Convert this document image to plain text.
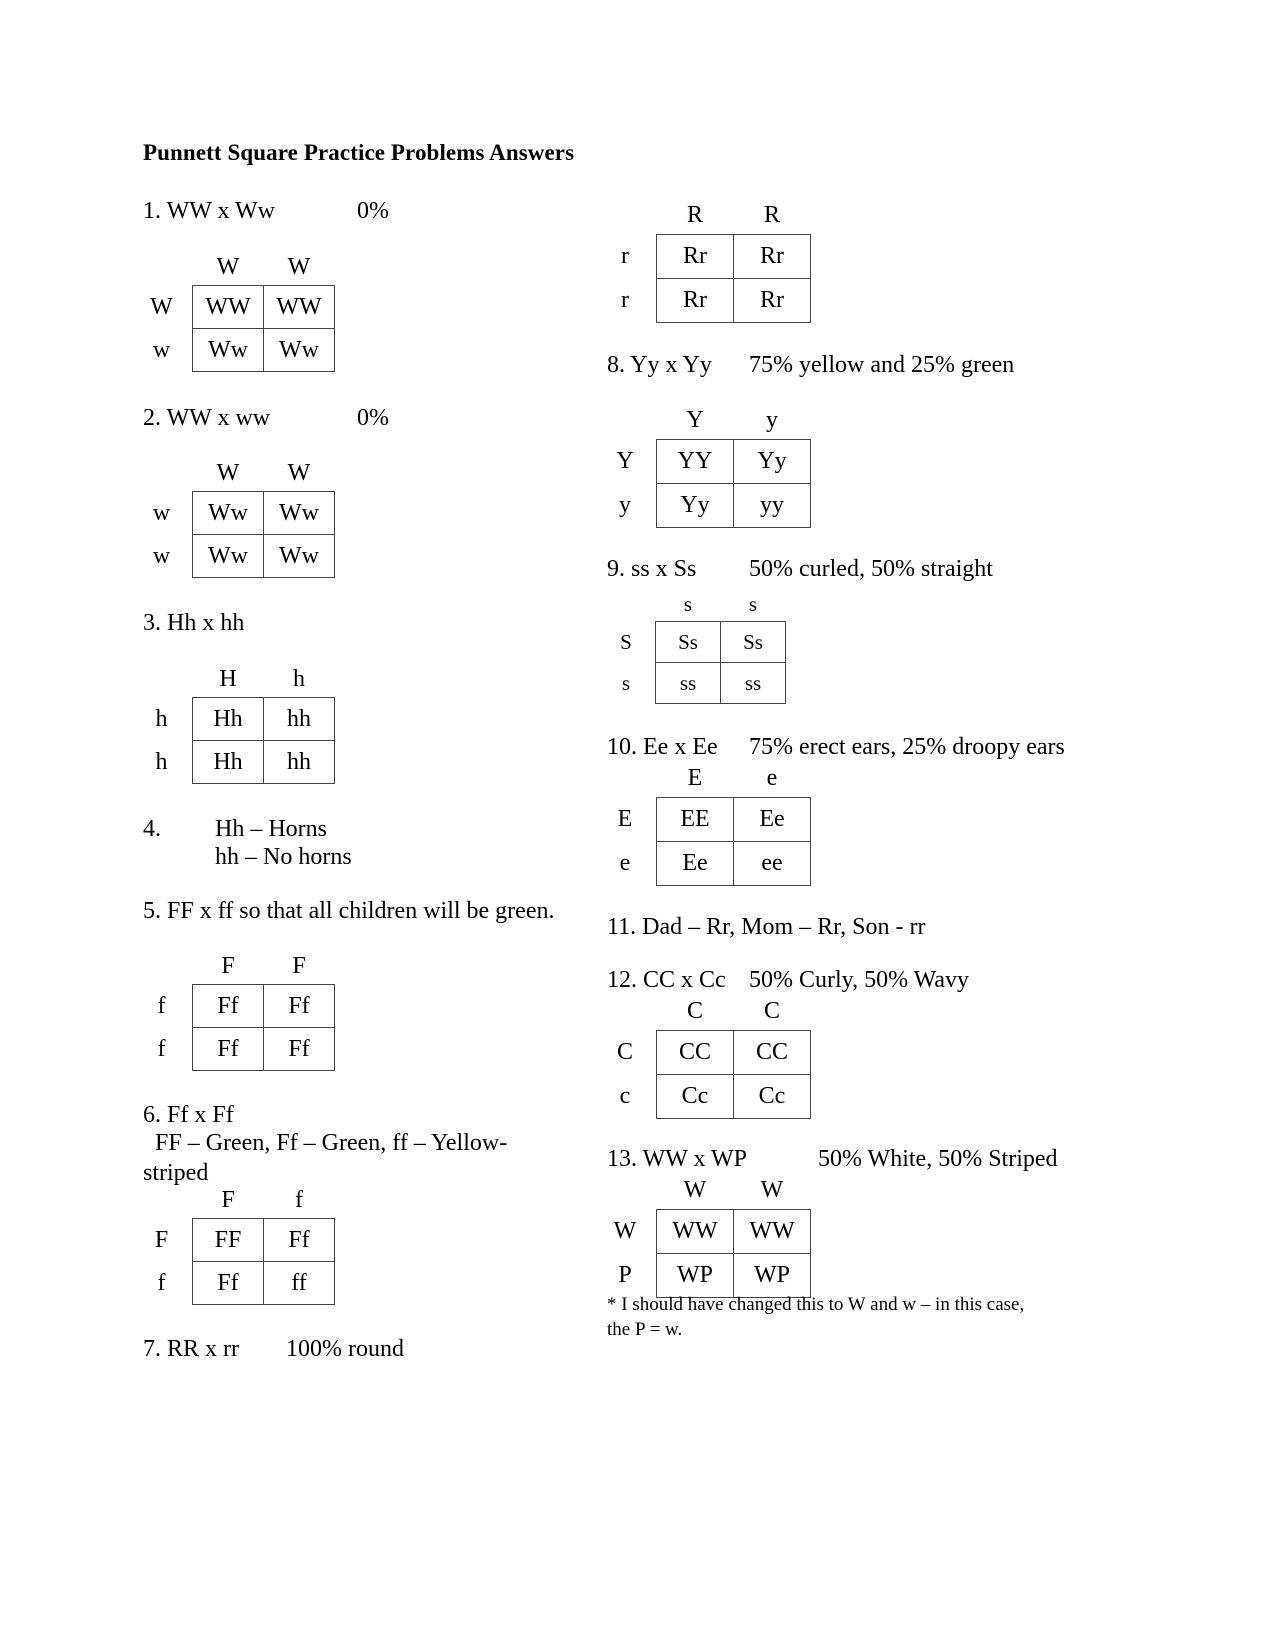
Punnett Square Practice Problems Answers
1. WW x Ww	0%
	W	W
W	WW	WW
w	Ww	Ww
2. WW x ww	0%
	W	W
w	Ww	Ww
w	Ww	Ww
3. Hh x hh
	H	h
h	Hh	hh
h	Hh	hh
4. Hh – Horns
hh – No horns
5. FF x ff so that all children will be green.
	F	F
f	Ff	Ff
f	Ff	Ff
6. Ff x Ff
FF – Green, Ff – Green, ff – Yellow-striped
	F	f
F	FF	Ff
f	Ff	ff
7. RR x rr 100% round
	R	R
r	Rr	Rr
r	Rr	Rr
8. Yy x Yy 75% yellow and 25% green
	Y	y
Y	YY	Yy
y	Yy	yy
9. ss x Ss 50% curled, 50% straight
	s	s
S	Ss	Ss
s	ss	ss
10. Ee x Ee 75% erect ears, 25% droopy ears
	E	e
E	EE	Ee
e	Ee	ee
11. Dad – Rr, Mom – Rr, Son - rr
12. CC x Cc 50% Curly, 50% Wavy
	C	C
C	CC	CC
c	Cc	Cc
13. WW x WP	50% White, 50% Striped
	W	W
W	WW	WW
P	WP	WP
* I should have changed this to W and w – in this case,
the P = w.
